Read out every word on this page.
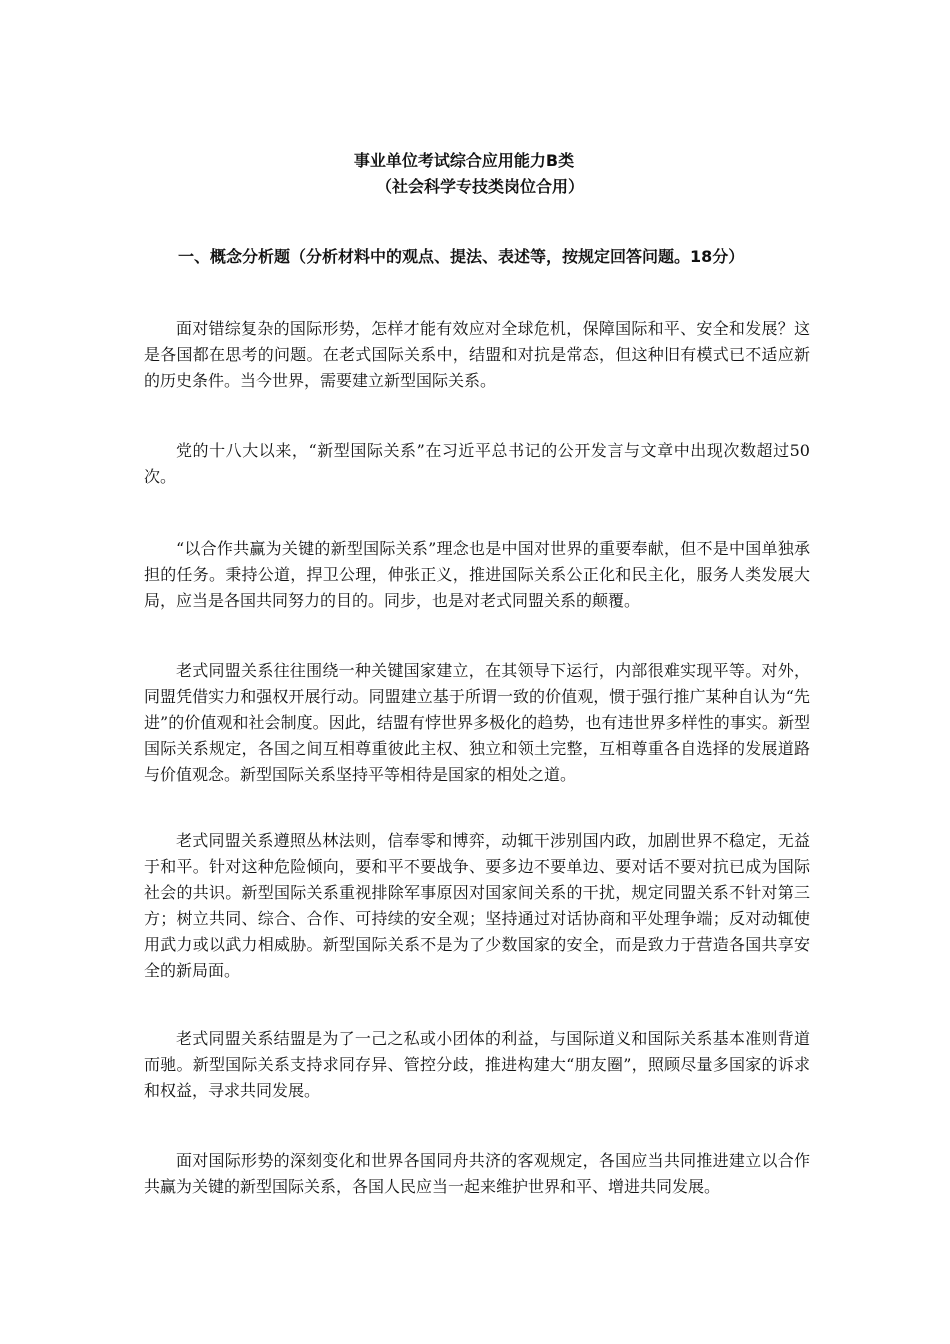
事业单位考试综合应用能力B类
（社会科学专技类岗位合用）
一、概念分析题（分析材料中的观点、提法、表述等，按规定回答问题。18分）

面对错综复杂的国际形势，怎样才能有效应对全球危机，保障国际和平、安全和发展？这是各国都在思考的问题。在老式国际关系中，结盟和对抗是常态，但这种旧有模式已不适应新的历史条件。当今世界，需要建立新型国际关系。

党的十八大以来，“新型国际关系”在习近平总书记的公开发言与文章中出现次数超过50次。

“以合作共赢为关键的新型国际关系”理念也是中国对世界的重要奉献，但不是中国单独承担的任务。秉持公道，捍卫公理，伸张正义，推进国际关系公正化和民主化，服务人类发展大局，应当是各国共同努力的目的。同步，也是对老式同盟关系的颠覆。

老式同盟关系往往围绕一种关键国家建立，在其领导下运行，内部很难实现平等。对外，同盟凭借实力和强权开展行动。同盟建立基于所谓一致的价值观，惯于强行推广某种自认为“先进”的价值观和社会制度。因此，结盟有悖世界多极化的趋势，也有违世界多样性的事实。新型国际关系规定，各国之间互相尊重彼此主权、独立和领土完整，互相尊重各自选择的发展道路与价值观念。新型国际关系坚持平等相待是国家的相处之道。

老式同盟关系遵照丛林法则，信奉零和博弈，动辄干涉别国内政，加剧世界不稳定，无益于和平。针对这种危险倾向，要和平不要战争、要多边不要单边、要对话不要对抗已成为国际社会的共识。新型国际关系重视排除军事原因对国家间关系的干扰，规定同盟关系不针对第三方；树立共同、综合、合作、可持续的安全观；坚持通过对话协商和平处理争端；反对动辄使用武力或以武力相威胁。新型国际关系不是为了少数国家的安全，而是致力于营造各国共享安全的新局面。

老式同盟关系结盟是为了一己之私或小团体的利益，与国际道义和国际关系基本准则背道而驰。新型国际关系支持求同存异、管控分歧，推进构建大“朋友圈”，照顾尽量多国家的诉求和权益，寻求共同发展。

面对国际形势的深刻变化和世界各国同舟共济的客观规定，各国应当共同推进建立以合作共赢为关键的新型国际关系，各国人民应当一起来维护世界和平、增进共同发展。
